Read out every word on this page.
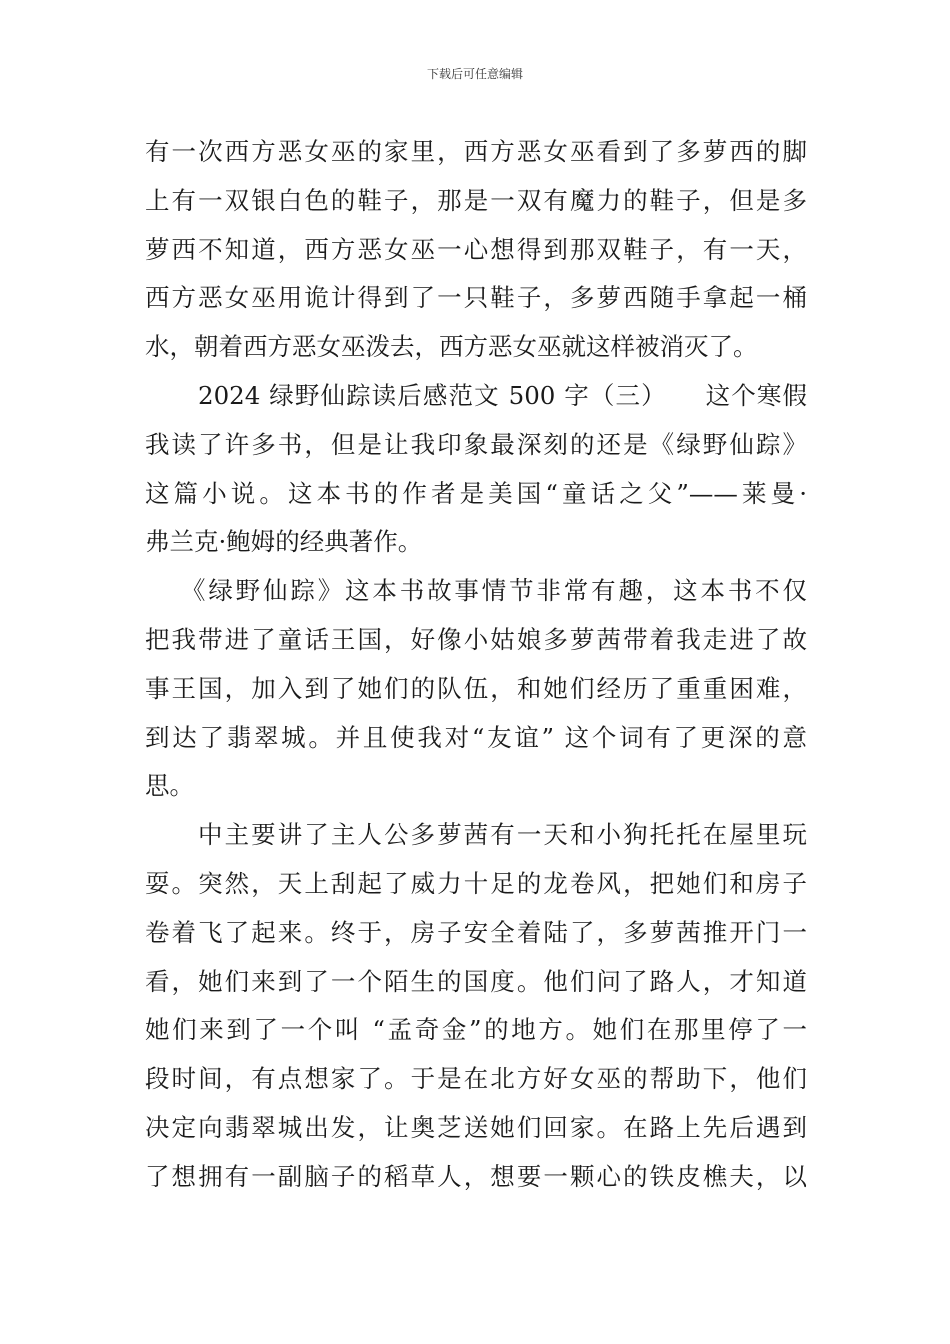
下载后可任意编辑
有一次西方恶女巫的家里，西方恶女巫看到了多萝西的脚
上有一双银白色的鞋子，那是一双有魔力的鞋子，但是多
萝西不知道，西方恶女巫一心想得到那双鞋子，有一天，
西方恶女巫用诡计得到了一只鞋子，多萝西随手拿起一桶
水，朝着西方恶女巫泼去，西方恶女巫就这样被消灭了。
2024 绿野仙踪读后感范文 500 字（三）　　这个寒假
我读了许多书，但是让我印象最深刻的还是《绿野仙踪》
这篇小说。这本书的作者是美国“童话之父”——莱曼·
弗兰克·鲍姆的经典著作。
《绿野仙踪》这本书故事情节非常有趣，这本书不仅
把我带进了童话王国，好像小姑娘多萝茜带着我走进了故
事王国，加入到了她们的队伍，和她们经历了重重困难，
到达了翡翠城。并且使我对“友谊” 这个词有了更深的意
思。
中主要讲了主人公多萝茜有一天和小狗托托在屋里玩
耍。突然，天上刮起了威力十足的龙卷风，把她们和房子
卷着飞了起来。终于，房子安全着陆了，多萝茜推开门一
看，她们来到了一个陌生的国度。他们问了路人，才知道
她们来到了一个叫 “孟奇金”的地方。她们在那里停了一
段时间，有点想家了。于是在北方好女巫的帮助下，他们
决定向翡翠城出发，让奥芝送她们回家。在路上先后遇到
了想拥有一副脑子的稻草人，想要一颗心的铁皮樵夫，以
